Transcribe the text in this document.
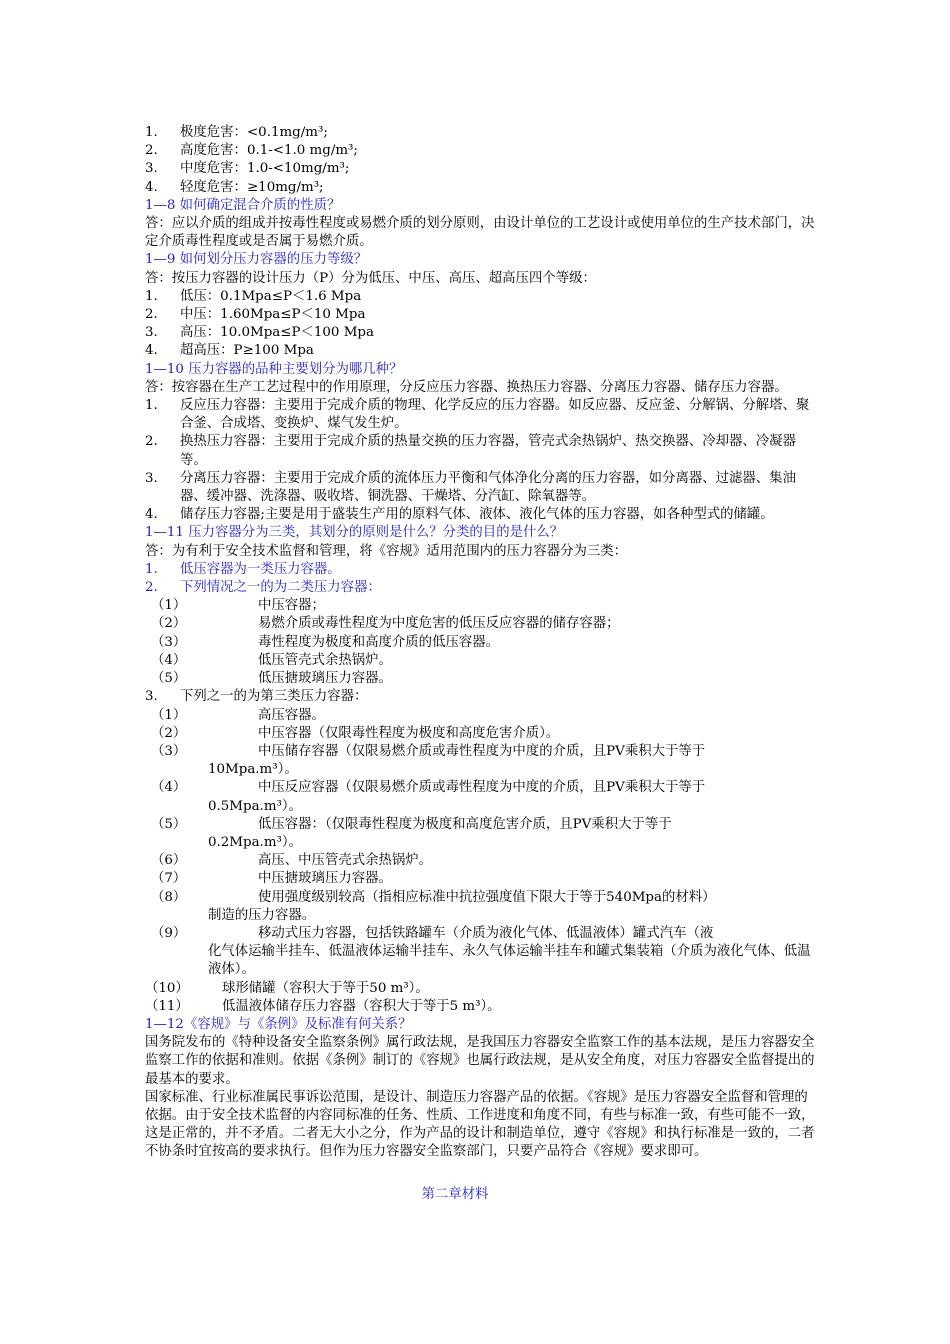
1.	极度危害：<0.1mg/m³;
2.	高度危害：0.1-<1.0 mg/m³;
3.	中度危害：1.0-<10mg/m³;
4.	轻度危害：≥10mg/m³;
1—8 如何确定混合介质的性质？
答：应以介质的组成并按毒性程度或易燃介质的划分原则，由设计单位的工艺设计或使用单位的生产技术部门，决定介质毒性程度或是否属于易燃介质。
1—9 如何划分压力容器的压力等级？
答：按压力容器的设计压力（P）分为低压、中压、高压、超高压四个等级：
1.	低压：0.1Mpa≤P＜1.6 Mpa
2.	中压：1.60Mpa≤P＜10 Mpa
3.	高压：10.0Mpa≤P＜100 Mpa
4.	超高压：P≥100 Mpa
1—10 压力容器的品种主要划分为哪几种？
答：按容器在生产工艺过程中的作用原理，分反应压力容器、换热压力容器、分离压力容器、储存压力容器。
1.	反应压力容器：主要用于完成介质的物理、化学反应的压力容器。如反应器、反应釜、分解锅、分解塔、聚合釜、合成塔、变换炉、煤气发生炉。
2.	换热压力容器：主要用于完成介质的热量交换的压力容器，管壳式余热锅炉、热交换器、冷却器、冷凝器等。
3.	分离压力容器：主要用于完成介质的流体压力平衡和气体净化分离的压力容器，如分离器、过滤器、集油器、缓冲器、洗涤器、吸收塔、铜洗器、干燥塔、分汽缸、除氧器等。
4.	储存压力容器;主要是用于盛装生产用的原料气体、液体、液化气体的压力容器，如各种型式的储罐。
1—11 压力容器分为三类，其划分的原则是什么？分类的目的是什么？
答：为有利于安全技术监督和管理，将《容规》适用范围内的压力容器分为三类：
1.	低压容器为一类压力容器。
2.	下列情况之一的为二类压力容器：
（1）	中压容器；
（2）	易燃介质或毒性程度为中度危害的低压反应容器的储存容器；
（3）	毒性程度为极度和高度介质的低压容器。
（4）	低压管壳式余热锅炉。
（5）	低压搪玻璃压力容器。
3.	下列之一的为第三类压力容器：
（1）	高压容器。
（2）	中压容器（仅限毒性程度为极度和高度危害介质）。
（3）	中压储存容器（仅限易燃介质或毒性程度为中度的介质，且PV乘积大于等于
10Mpa.m³）。
（4）	中压反应容器（仅限易燃介质或毒性程度为中度的介质，且PV乘积大于等于
0.5Mpa.m³）。
（5）	低压容器：（仅限毒性程度为极度和高度危害介质，且PV乘积大于等于
0.2Mpa.m³）。
（6）	高压、中压管壳式余热锅炉。
（7）	中压搪玻璃压力容器。
（8）	使用强度级别较高（指相应标准中抗拉强度值下限大于等于540Mpa的材料）
制造的压力容器。
（9）	移动式压力容器，包括铁路罐车（介质为液化气体、低温液体）罐式汽车（液
化气体运输半挂车、低温液体运输半挂车、永久气体运输半挂车和罐式集装箱（介质为液化气体、低温液体）。
（10）	球形储罐（容积大于等于50 m³）。
（11）	低温液体储存压力容器（容积大于等于5 m³）。
1—12《容规》与《条例》及标准有何关系？
国务院发布的《特种设备安全监察条例》属行政法规，是我国压力容器安全监察工作的基本法规，是压力容器安全监察工作的依据和准则。依据《条例》制订的《容规》也属行政法规，是从安全角度，对压力容器安全监督提出的最基本的要求。
国家标准、行业标准属民事诉讼范围，是设计、制造压力容器产品的依据。《容规》是压力容器安全监督和管理的依据。由于安全技术监督的内容同标准的任务、性质、工作进度和角度不同，有些与标准一致，有些可能不一致，这是正常的，并不矛盾。二者无大小之分，作为产品的设计和制造单位，遵守《容规》和执行标准是一致的，二者不协条时宜按高的要求执行。但作为压力容器安全监察部门，只要产品符合《容规》要求即可。
第二章材料
